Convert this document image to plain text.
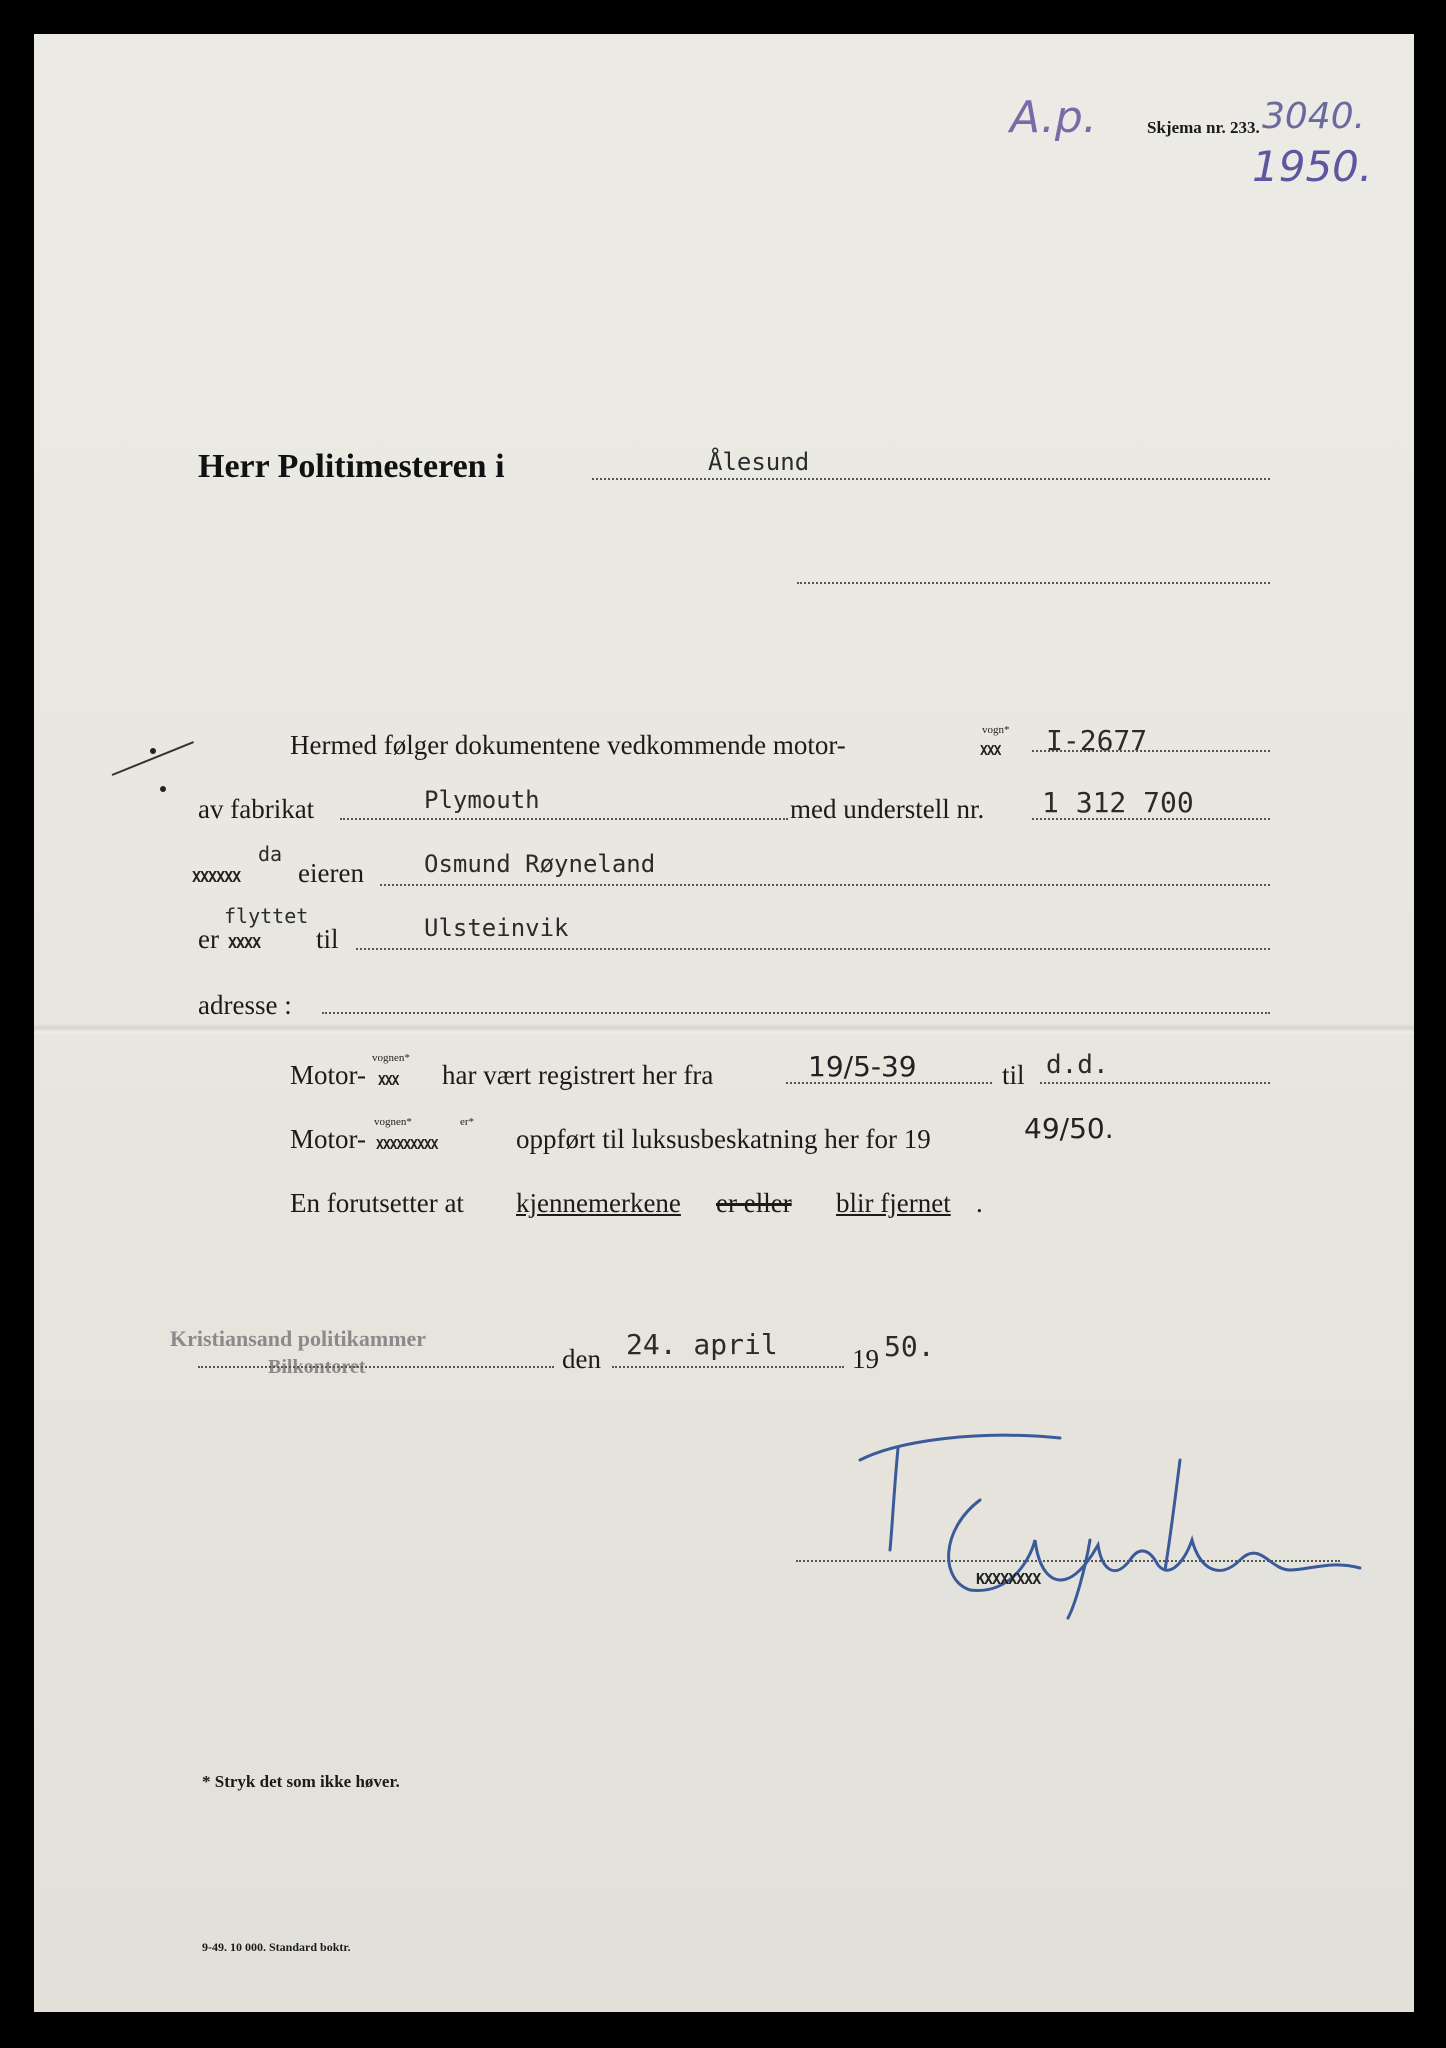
A.p.	Skjema nr. 233. 3040.
1950.
Herr Politimesteren i	Ålesund
Hermed følger dokumentene vedkommende motor-	vogn*
XXX I-2677
av fabrikat	Plymouth	med understell nr. 1 312 700
da
XXXXXX eieren	Osmund Røyneland
er
flyttet
XXXX til	Ulsteinvik
adresse :
Motor-
vognen*
XXX har vært registrert her fra	19/5-39	til d.d.
Motor-
vognen*	er*
XXXXXXXXX	oppført til luksusbeskatning her for 19	49/50.
En forutsetter at kjennemerkene er eller blir fjernet .
Kristiansand politikammer
Bilkontoret	den 24. april	19 50.
KXXXXXXX
* Stryk det som ikke høver.
9-49. 10 000. Standard boktr.
